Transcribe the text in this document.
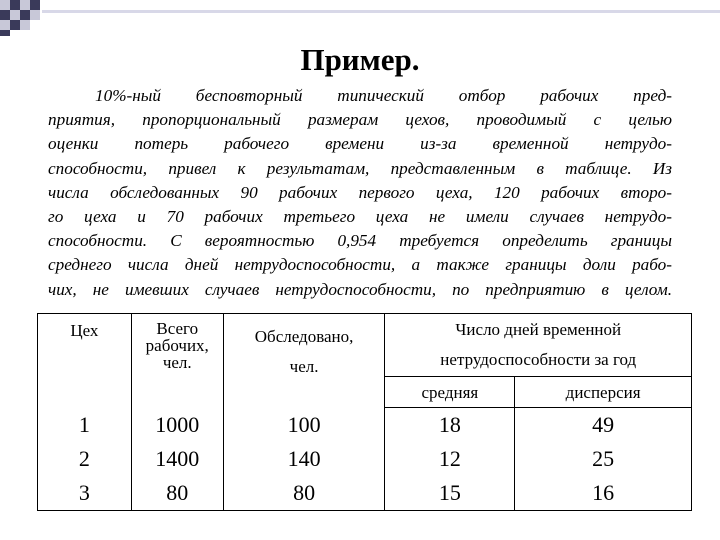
Пример.
10%-ный бесповторный типический отбор рабочих пред-
приятия, пропорциональный размерам цехов, проводимый с целью
оценки потерь рабочего времени из-за временной нетрудо-
способности, привел к результатам, представленным в таблице. Из
числа обследованных 90 рабочих первого цеха, 120 рабочих второ-
го цеха и 70 рабочих третьего цеха не имели случаев нетрудо-
способности. С вероятностью 0,954 требуется определить границы
среднего числа дней нетрудоспособности, а также границы доли рабо-
чих, не имевших случаев нетрудоспособности, по предприятию в целом.
Цех	Всего
рабочих,
чел.	Обследовано,
чел.	Число дней временной
нетрудоспособности за год	
			средняя	дисперсия
1	1000	100	18	49
2	1400	140	12	25
3	80	80	15	16
